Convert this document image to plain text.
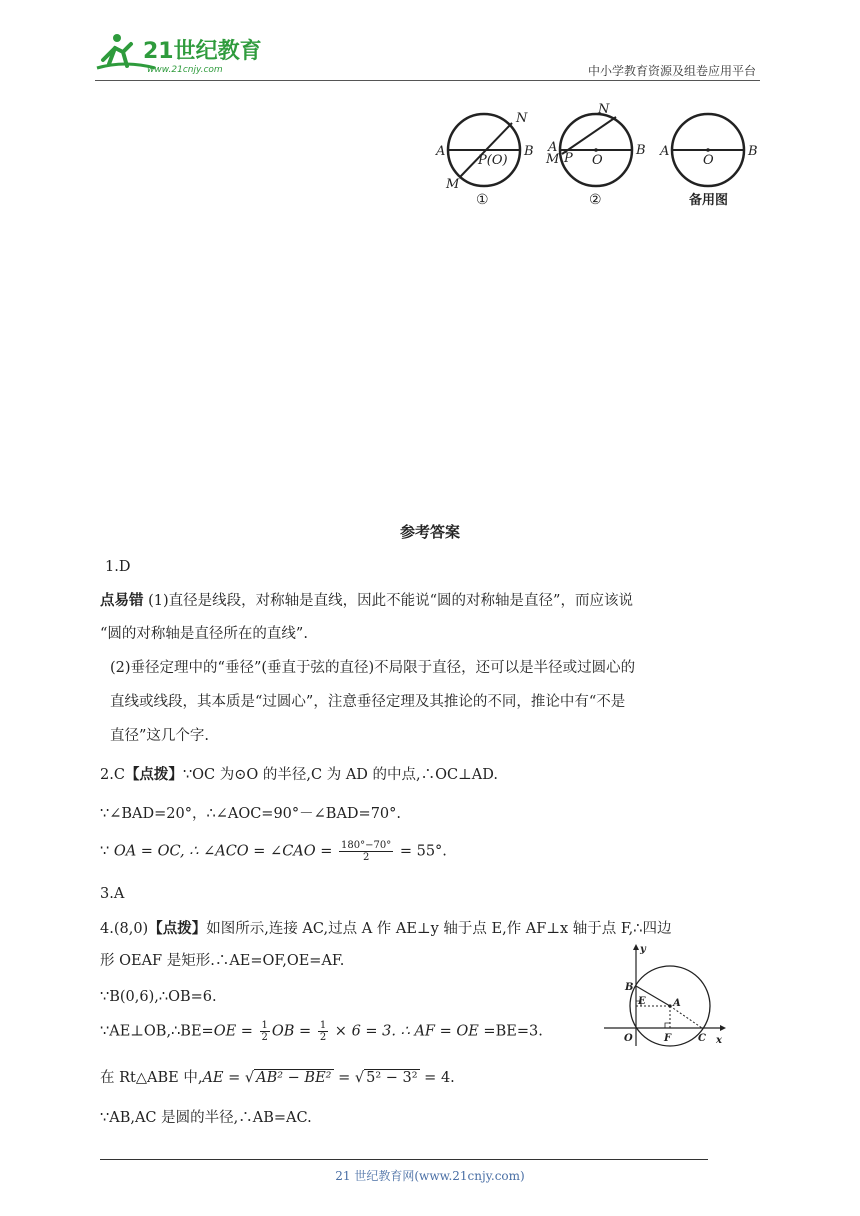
21世纪教育
www.21cnjy.com	中小学教育资源及组卷应用平台
A	B
N
M
P(O)
①
A	B
N
M P O
②
A	B
O
备用图
参考答案
1.D
点易错 (1)直径是线段，对称轴是直线，因此不能说“圆的对称轴是直径”，而应该说
“圆的对称轴是直径所在的直线”.
(2)垂径定理中的“垂径”(垂直于弦的直径)不局限于直径，还可以是半径或过圆心的
直线或线段，其本质是“过圆心”，注意垂径定理及其推论的不同，推论中有“不是
直径”这几个字.
2.C【点拨】∵OC 为⊙O 的半径,C 为 AD 的中点,∴OC⊥AD.
∵∠BAD=20°，∴∠AOC=90°－∠BAD=70°.
∵ OA = OC, ∴ ∠ACO = ∠CAO = $\frac{180^\circ-70^\circ}{2} = 55^\circ$.
3.A
4.(8,0)【点拨】如图所示,连接 AC,过点 A 作 AE⊥y 轴于点 E,作 AF⊥x 轴于点 F,∴四边
形 OEAF 是矩形.∴AE=OF,OE=AF.
∵B(0,6),∴OB=6.
∵AE⊥OB,∴BE=OE = $\frac{1}{2}$ OB = $\frac{1}{2} \times 6 = 3$. ∴ AF = OE =BE=3.
在 Rt△ABE 中,AE = √ AB² − BE² = √ 5² − 3² = 4.
∵AB,AC 是圆的半径,∴AB=AC.
y
x
B
E	A
O	F	C
21 世纪教育网(www.21cnjy.com)
